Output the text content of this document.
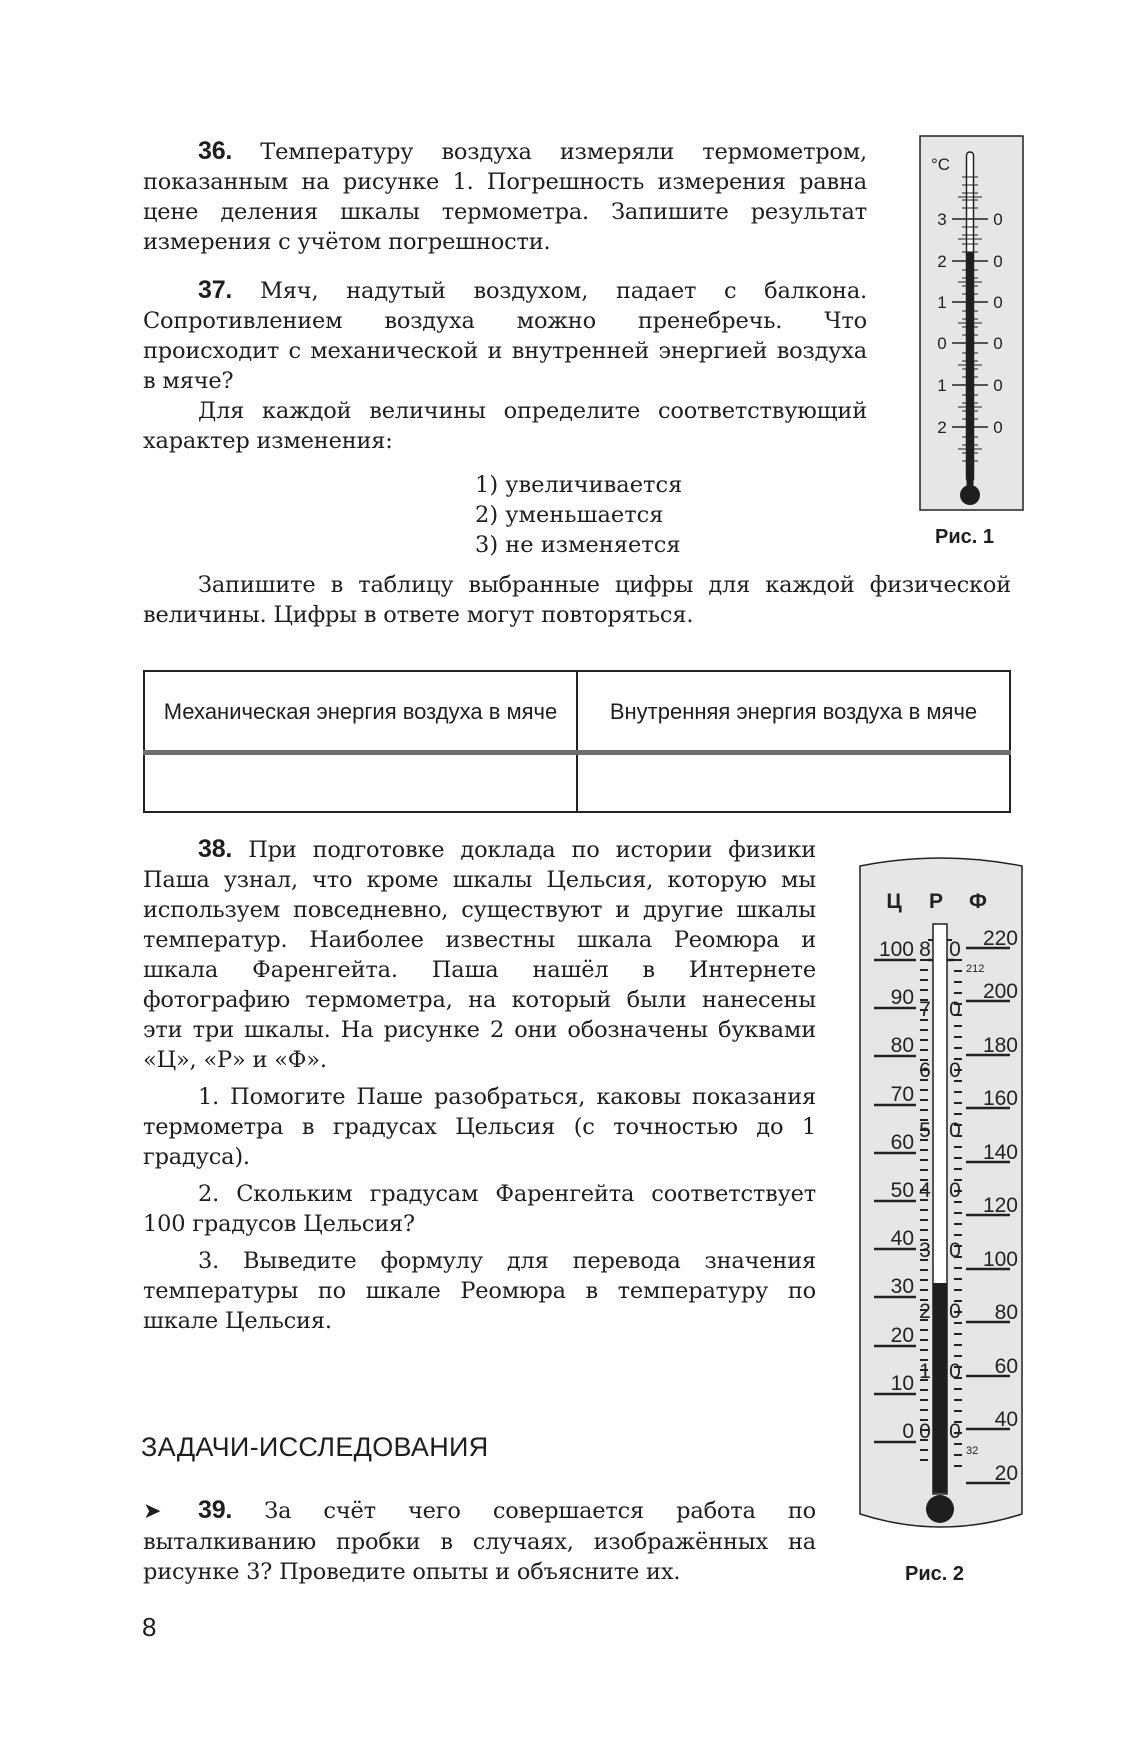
36. Температуру воздуха измеряли термометром, показанным на рисунке 1. Погрешность измерения равна цене деления шкалы термометра. Запишите результат измерения с учётом погрешности.

37. Мяч, надутый воздухом, падает с балкона. Сопротивлением воздуха можно пренебречь. Что происходит с механической и внутренней энергией воздуха в мяче?

Для каждой величины определите соответствующий характер изменения:

1) увеличивается
2) уменьшается
3) не изменяется

Запишите в таблицу выбранные цифры для каждой физической величины. Цифры в ответе могут повторяться.

Механическая энергия воздуха в мяче	Внутренняя энергия воздуха в мяче

°C
3
2
1
0
1
2
0
0
0
0
0
0
Рис. 1

38. При подготовке доклада по истории физики Паша узнал, что кроме шкалы Цельсия, которую мы используем повседневно, существуют и другие шкалы температур. Наиболее известны шкала Реомюра и шкала Фаренгейта. Паша нашёл в Интернете фотографию термометра, на который были нанесены эти три шкалы. На рисунке 2 они обозначены буквами «Ц», «Р» и «Ф».

1. Помогите Паше разобраться, каковы показания термометра в градусах Цельсия (с точностью до 1 градуса).

2. Скольким градусам Фаренгейта соответствует 100 градусов Цельсия?

3. Выведите формулу для перевода значения температуры по шкале Реомюра в температуру по шкале Цельсия.

Ц Р Ф
100
90
80
70
60
50
40
30
20
10
0
8
7
6
5
4
3
2
1
0
0
0
0
0
0
0
0
0
0
220
200
180
160
140
120
100
80
60
40
20
212
32
Рис. 2
ЗАДАЧИ-ИССЛЕДОВАНИЯ

➤ 39. За счёт чего совершается работа по выталкиванию пробки в случаях, изображённых на рисунке 3? Проведите опыты и объясните их.

8
